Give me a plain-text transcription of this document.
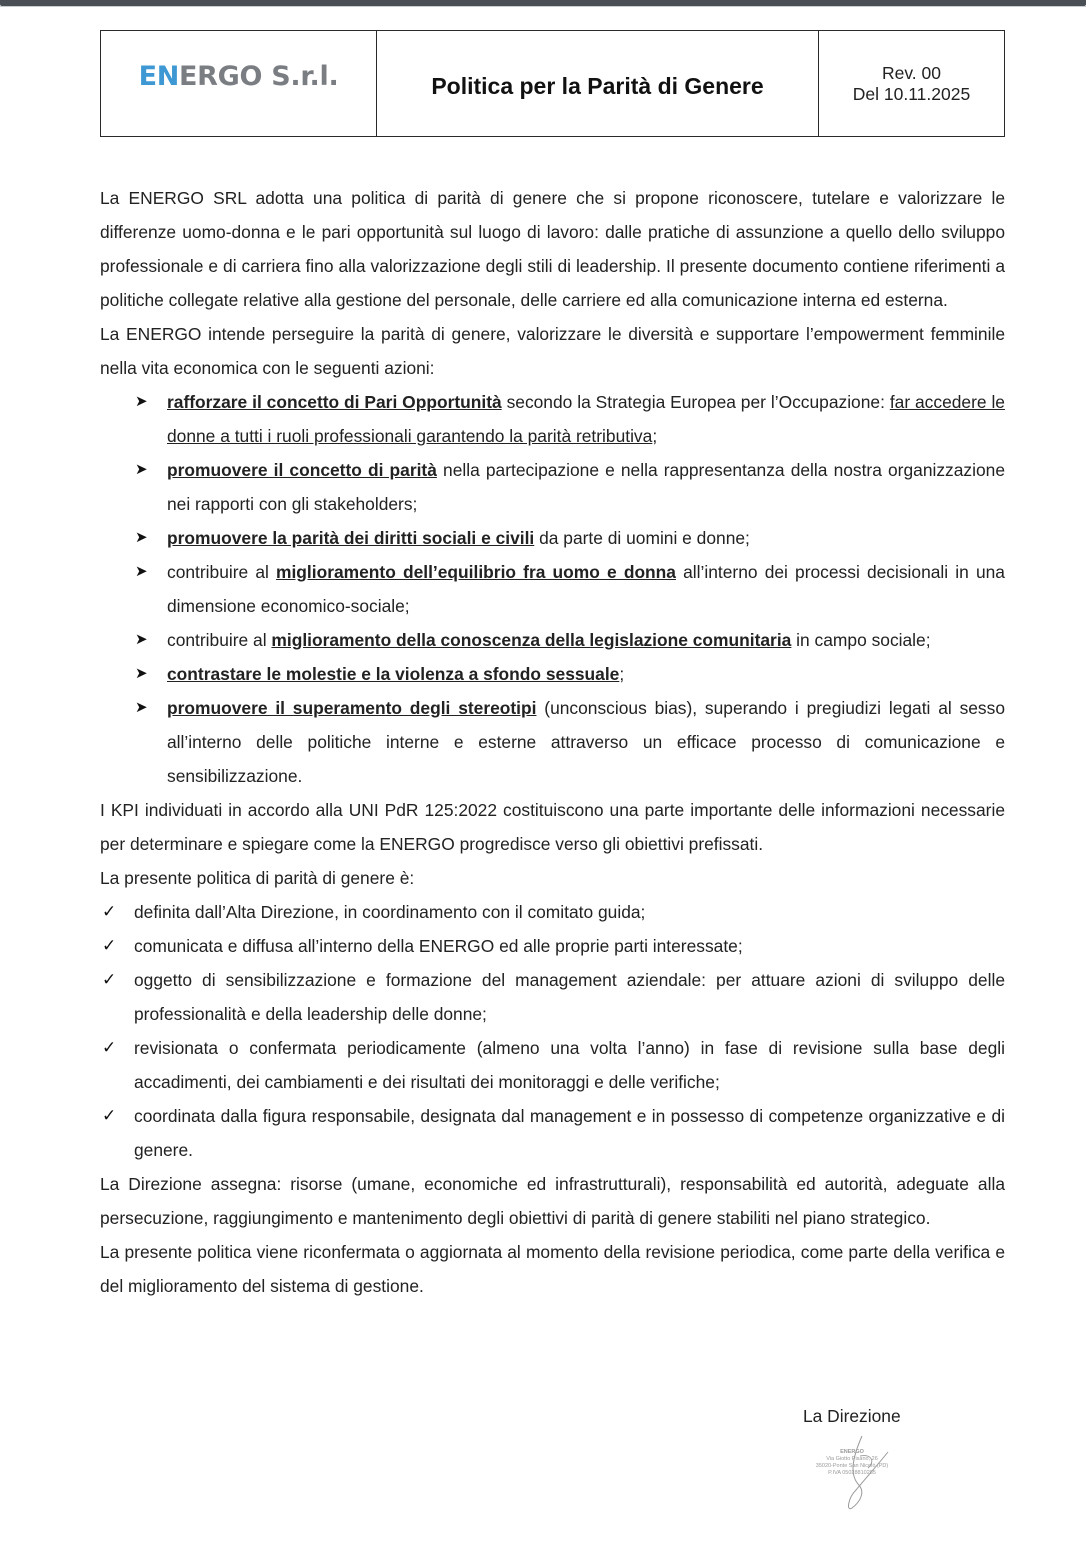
ENERGO S.r.l.	Politica per la Parità di Genere
Rev. 00
Del 10.11.2025

La ENERGO SRL adotta una politica di parità di genere che si propone riconoscere, tutelare e valorizzare le differenze uomo-donna e le pari opportunità sul luogo di lavoro: dalle pratiche di assunzione a quello dello sviluppo professionale e di carriera fino alla valorizzazione degli stili di leadership. Il presente documento contiene riferimenti a politiche collegate relative alla gestione del personale, delle carriere ed alla comunicazione interna ed esterna.

La ENERGO intende perseguire la parità di genere, valorizzare le diversità e supportare l’empowerment femminile nella vita economica con le seguenti azioni:

➤ rafforzare il concetto di Pari Opportunità secondo la Strategia Europea per l’Occupazione: far accedere le donne a tutti i ruoli professionali garantendo la parità retributiva;
➤ promuovere il concetto di parità nella partecipazione e nella rappresentanza della nostra organizzazione nei rapporti con gli stakeholders;
➤ promuovere la parità dei diritti sociali e civili da parte di uomini e donne;
➤ contribuire al miglioramento dell’equilibrio fra uomo e donna all’interno dei processi decisionali in una dimensione economico-sociale;
➤ contribuire al miglioramento della conoscenza della legislazione comunitaria in campo sociale;
➤ contrastare le molestie e la violenza a sfondo sessuale;
➤ promuovere il superamento degli stereotipi (unconscious bias), superando i pregiudizi legati al sesso all’interno delle politiche interne e esterne attraverso un efficace processo di comunicazione e sensibilizzazione.

I KPI individuati in accordo alla UNI PdR 125:2022 costituiscono una parte importante delle informazioni necessarie per determinare e spiegare come la ENERGO progredisce verso gli obiettivi prefissati.

La presente politica di parità di genere è:

✓ definita dall’Alta Direzione, in coordinamento con il comitato guida;
✓ comunicata e diffusa all’interno della ENERGO ed alle proprie parti interessate;
✓ oggetto di sensibilizzazione e formazione del management aziendale: per attuare azioni di sviluppo delle professionalità e della leadership delle donne;
✓ revisionata o confermata periodicamente (almeno una volta l’anno) in fase di revisione sulla base degli accadimenti, dei cambiamenti e dei risultati dei monitoraggi e delle verifiche;
✓ coordinata dalla figura responsabile, designata dal management e in possesso di competenze organizzative e di genere.

La Direzione assegna: risorse (umane, economiche ed infrastrutturali), responsabilità ed autorità, adeguate alla persecuzione, raggiungimento e mantenimento degli obiettivi di parità di genere stabiliti nel piano strategico.

La presente politica viene riconfermata o aggiornata al momento della revisione periodica, come parte della verifica e del miglioramento del sistema di gestione.

La Direzione
ENERGO
Via Giotto Pisano, 26
35020-Ponte San Nicolò (PD)
P.IVA 05028810285
